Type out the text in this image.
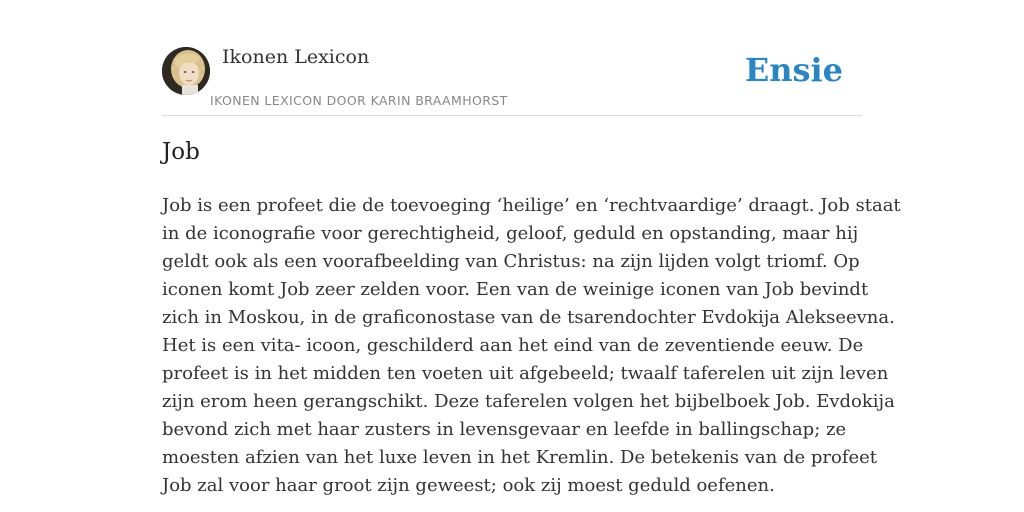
Ikonen Lexicon
IKONEN LEXICON DOOR KARIN BRAAMHORST
Ensie
Job
Job is een profeet die de toevoeging ‘heilige’ en ‘rechtvaardige’ draagt. Job staat
in de iconografie voor gerechtigheid, geloof, geduld en opstanding, maar hij
geldt ook als een voorafbeelding van Christus: na zijn lijden volgt triomf. Op
iconen komt Job zeer zelden voor. Een van de weinige iconen van Job bevindt
zich in Moskou, in de graficonostase van de tsarendochter Evdokija Alekseevna.
Het is een vita- icoon, geschilderd aan het eind van de zeventiende eeuw. De
profeet is in het midden ten voeten uit afgebeeld; twaalf taferelen uit zijn leven
zijn erom heen gerangschikt. Deze taferelen volgen het bijbelboek Job. Evdokija
bevond zich met haar zusters in levensgevaar en leefde in ballingschap; ze
moesten afzien van het luxe leven in het Kremlin. De betekenis van de profeet
Job zal voor haar groot zijn geweest; ook zij moest geduld oefenen.
